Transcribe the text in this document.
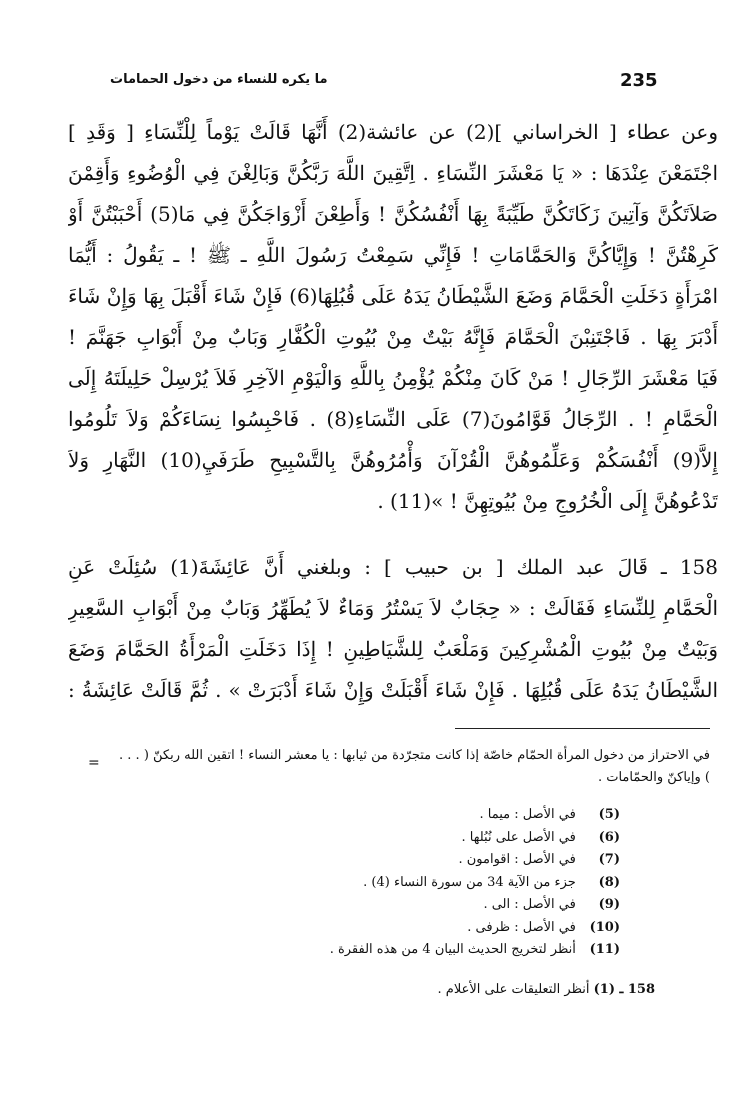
235
ما يكره للنساء من دخول الحمامات
وعن عطاء [ الخراساني ](2) عن عائشة(2) أَنَّهَا قَالَتْ يَوْماً لِلْنِّسَاءِ [ وَقَدِ ]
اجْتَمَعْنَ عِنْدَهَا : « يَا مَعْشَرَ النِّسَاءِ . اِتَّقِينَ اللَّهَ رَبَّكُنَّ وَبَالِغْنَ فِي الْوُضُوءِ وَأَقِمْنَ
صَلاَتَكُنَّ وَآتِينَ زَكَاتَكُنَّ طَيِّبَةً بِهَا أَنْفُسُكُنَّ ! وَأَطِعْنَ أَزْوَاجَكُنَّ فِي مَا(5) أَحْبَبْتُنَّ أَوْ
كَرِهْتُنَّ ! وَإِيَّاكُنَّ وَالحَمَّامَاتِ ! فَإِنِّي سَمِعْتُ رَسُولَ اللَّهِ ـ ﷺ ! ـ يَقُولُ : أَيُّمَا
امْرَأَةٍ دَخَلَتِ الْحَمَّامَ وَضَعَ الشَّيْطَانُ يَدَهُ عَلَى قُبُلِهَا(6) فَإِنْ شَاءَ أَقْبَلَ بِهَا وَإِنْ شَاءَ
أَدْبَرَ بِهَا . فَاجْتَنِبْنَ الْحَمَّامَ فَإِنَّهُ بَيْتٌ مِنْ بُيُوتِ الْكُفَّارِ وَبَابٌ مِنْ أَبْوَابِ جَهَنَّمَ !
فَيَا مَعْشَرَ الرِّجَالِ ! مَنْ كَانَ مِنْكُمْ يُؤْمِنُ بِاللَّهِ وَالْيَوْمِ الآخِرِ فَلاَ يُرْسِلْ حَلِيلَتَهُ إِلَى
الْحَمَّامِ ! . الرِّجَالُ قَوَّامُونَ(7) عَلَى النِّسَاءِ(8) . فَاحْبِسُوا نِسَاءَكُمْ وَلاَ تَلُومُوا
إِلاَّ(9) أَنْفُسَكُمْ وَعَلِّمُوهُنَّ الْقُرْآنَ وَأْمُرُوهُنَّ بِالتَّسْبِيحِ طَرَفَيِ(10) النَّهَارِ وَلاَ
تَدْعُوهُنَّ إِلَى الْخُرُوجِ مِنْ بُيُوتِهِنَّ ! »(11) .
158 ـ قَالَ عبد الملك [ بن حبيب ] : وبلغني أَنَّ عَائِشَةَ(1) سُئِلَتْ عَنِ
الْحَمَّامِ لِلنِّسَاءِ فَقَالَتْ : « حِجَابٌ لاَ يَسْتُرُ وَمَاءٌ لاَ يُطَهِّرُ وَبَابٌ مِنْ أَبْوَابِ السَّعِيرِ
وَبَيْتٌ مِنْ بُيُوتِ الْمُشْرِكِينَ وَمَلْعَبٌ لِلشَّيَاطِينِ ! إِذَا دَخَلَتِ الْمَرْأَةُ الحَمَّامَ وَضَعَ
الشَّيْطَانُ يَدَهُ عَلَى قُبُلِهَا . فَإِنْ شَاءَ أَقْبَلَتْ وَإِنْ شَاءَ أَدْبَرَتْ » . ثُمَّ قَالَتْ عَائِشَةُ :
=	في الاحتراز من دخول المرأة الحمّام خاصّة إذا كانت متجرّدة من ثيابها : يا معشر النساء ! اتقين الله ربكنّ ( . . . ) وإياكنّ والحمّامات .
(5) في الأصل : ميما .
(6) في الأصل على نُبُلها .
(7) في الأصل : اقوامون .
(8) جزء من الآية 34 من سورة النساء (4) .
(9) في الأصل : الى .
(10) في الأصل : ظرفى .
(11) أنظر لتخريج الحديث البيان 4 من هذه الفقرة .
158 ـ (1) أنظر التعليقات على الأعلام .
